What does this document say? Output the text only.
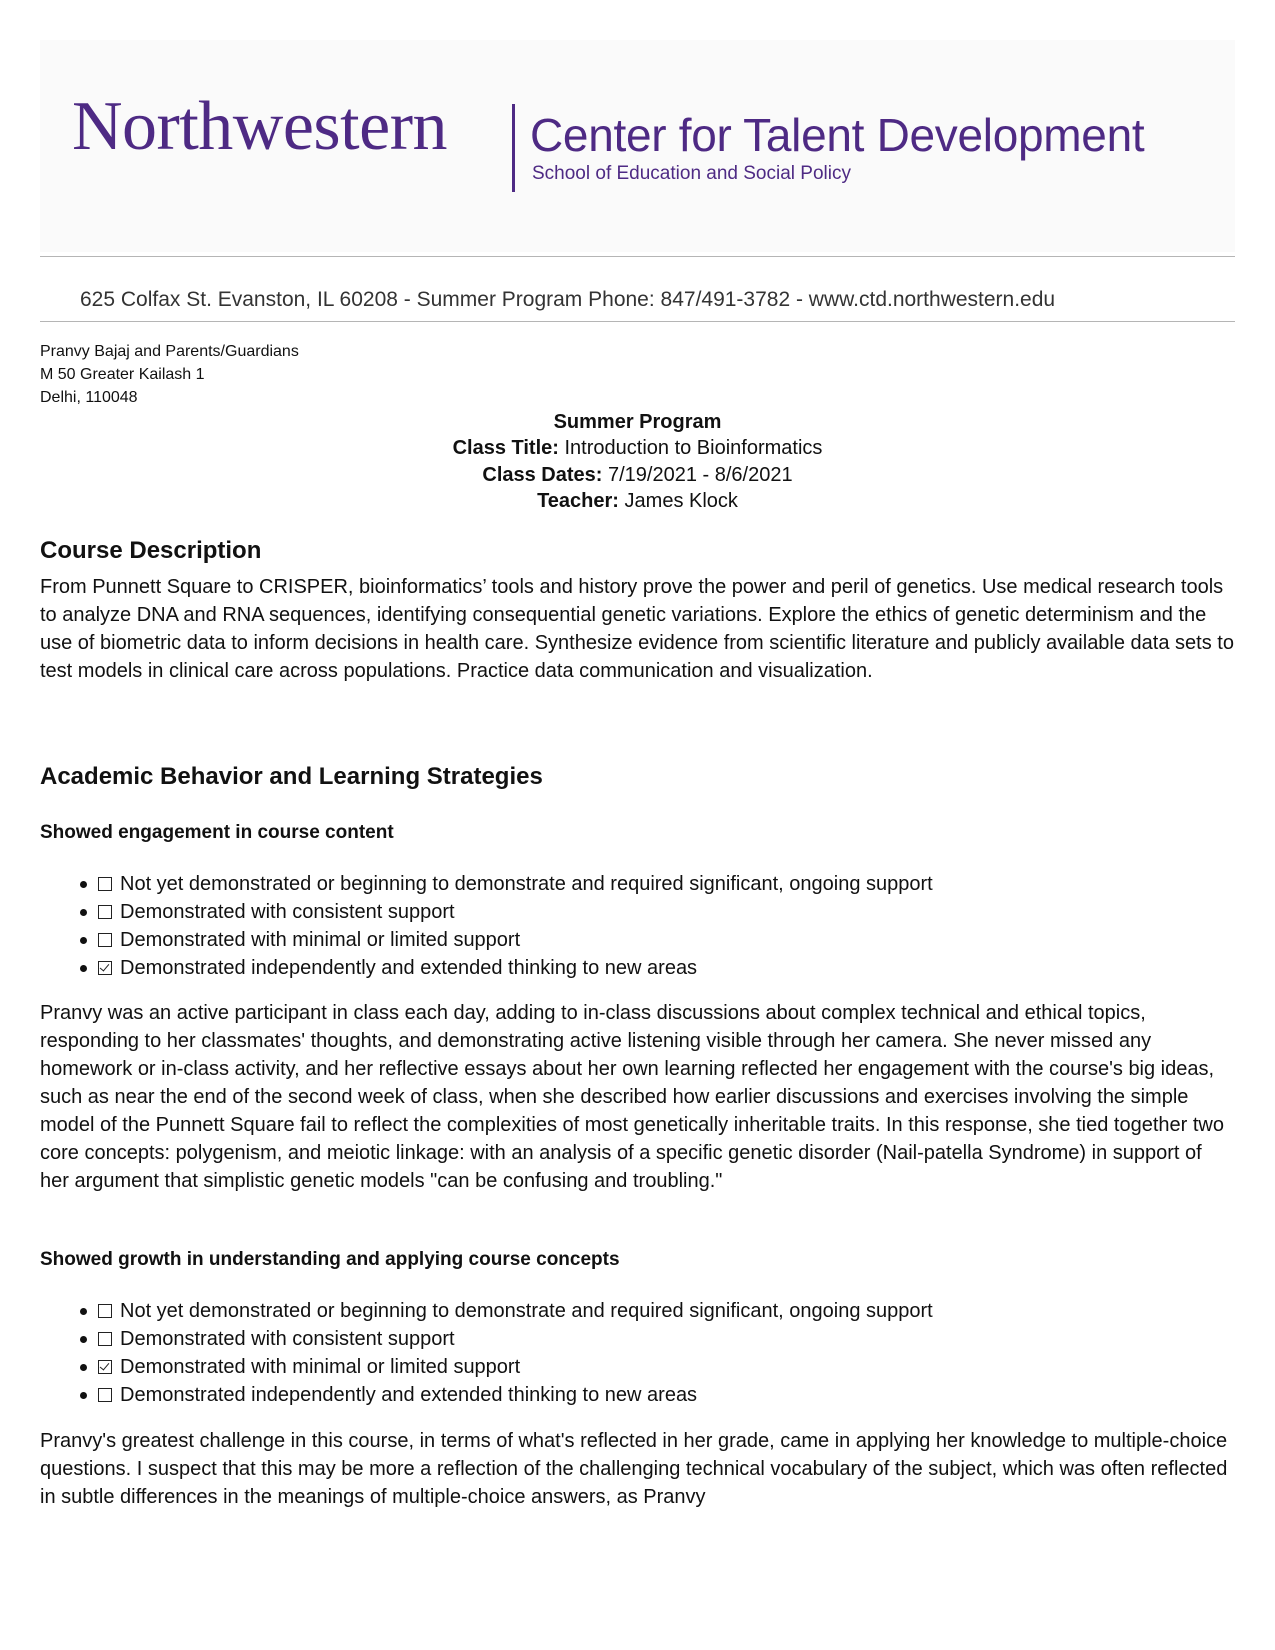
Northwestern Center for Talent Development
School of Education and Social Policy
625 Colfax St. Evanston, IL 60208 - Summer Program Phone: 847/491-3782 - www.ctd.northwestern.edu
Pranvy Bajaj and Parents/Guardians
M 50 Greater Kailash 1
Delhi, 110048
Summer Program
Class Title: Introduction to Bioinformatics
Class Dates: 7/19/2021 - 8/6/2021
Teacher: James Klock
Course Description
From Punnett Square to CRISPER, bioinformatics’ tools and history prove the power and peril of genetics. Use medical research tools to analyze DNA and RNA sequences, identifying consequential genetic variations. Explore the ethics of genetic determinism and the use of biometric data to inform decisions in health care. Synthesize evidence from scientific literature and publicly available data sets to test models in clinical care across populations. Practice data communication and visualization.
Academic Behavior and Learning Strategies
Showed engagement in course content
Not yet demonstrated or beginning to demonstrate and required significant, ongoing support
Demonstrated with consistent support
Demonstrated with minimal or limited support
Demonstrated independently and extended thinking to new areas
Pranvy was an active participant in class each day, adding to in-class discussions about complex technical and ethical topics, responding to her classmates' thoughts, and demonstrating active listening visible through her camera. She never missed any homework or in-class activity, and her reflective essays about her own learning reflected her engagement with the course's big ideas, such as near the end of the second week of class, when she described how earlier discussions and exercises involving the simple model of the Punnett Square fail to reflect the complexities of most genetically inheritable traits. In this response, she tied together two core concepts: polygenism, and meiotic linkage: with an analysis of a specific genetic disorder (Nail-patella Syndrome) in support of her argument that simplistic genetic models "can be confusing and troubling."
Showed growth in understanding and applying course concepts
Not yet demonstrated or beginning to demonstrate and required significant, ongoing support
Demonstrated with consistent support
Demonstrated with minimal or limited support
Demonstrated independently and extended thinking to new areas
Pranvy's greatest challenge in this course, in terms of what's reflected in her grade, came in applying her knowledge to multiple-choice questions. I suspect that this may be more a reflection of the challenging technical vocabulary of the subject, which was often reflected in subtle differences in the meanings of multiple-choice answers, as Pranvy
